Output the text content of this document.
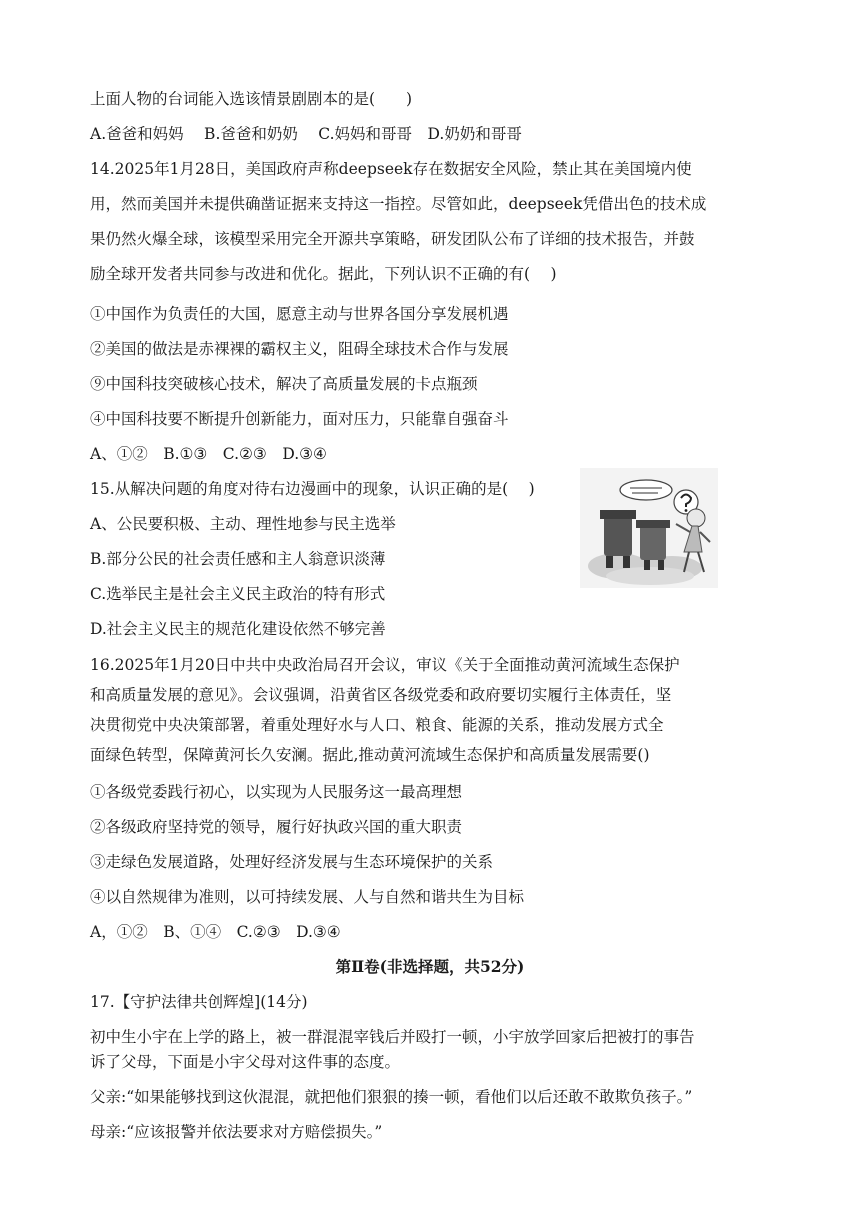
上面人物的台词能入选该情景剧剧本的是(　　)
A.爸爸和妈妈　 B.爸爸和奶奶　 C.妈妈和哥哥　D.奶奶和哥哥
14.2025年1月28日，美国政府声称deepseek存在数据安全风险，禁止其在美国境内使
用，然而美国并未提供确凿证据来支持这一指控。尽管如此，deepseek凭借出色的技术成
果仍然火爆全球，该模型采用完全开源共享策略，研发团队公布了详细的技术报告，并鼓
励全球开发者共同参与改进和优化。据此，下列认识不正确的有(　 )
①中国作为负责任的大国，愿意主动与世界各国分享发展机遇
②美国的做法是赤裸裸的霸权主义，阻碍全球技术合作与发展
⑨中国科技突破核心技术，解决了高质量发展的卡点瓶颈
④中国科技要不断提升创新能力，面对压力，只能靠自强奋斗
A、①②　B.①③　C.②③　D.③④
15.从解决问题的角度对待右边漫画中的现象，认识正确的是(　 )
A、公民要积极、主动、理性地参与民主选举
B.部分公民的社会责任感和主人翁意识淡薄
C.选举民主是社会主义民主政治的特有形式
D.社会主义民主的规范化建设依然不够完善
16.2025年1月20日中共中央政治局召开会议，审议《关于全面推动黄河流域生态保护
和高质量发展的意见》。会议强调，沿黄省区各级党委和政府要切实履行主体责任，坚
决贯彻党中央决策部署，着重处理好水与人口、粮食、能源的关系，推动发展方式全
面绿色转型，保障黄河长久安澜。据此,推动黄河流域生态保护和高质量发展需要()
①各级党委践行初心，以实现为人民服务这一最高理想
②各级政府坚持党的领导，履行好执政兴国的重大职责
③走绿色发展道路，处理好经济发展与生态环境保护的关系
④以自然规律为准则，以可持续发展、人与自然和谐共生为目标
A，①②　B、①④　C.②③　D.③④
第Ⅱ卷(非选择题，共52分)
17.【守护法律共创辉煌](14分)
初中生小宇在上学的路上，被一群混混宰钱后并殴打一顿，小宇放学回家后把被打的事告
诉了父母，下面是小宇父母对这件事的态度。
父亲:“如果能够找到这伙混混，就把他们狠狠的揍一顿，看他们以后还敢不敢欺负孩子。”
母亲:“应该报警并依法要求对方赔偿损失。”
